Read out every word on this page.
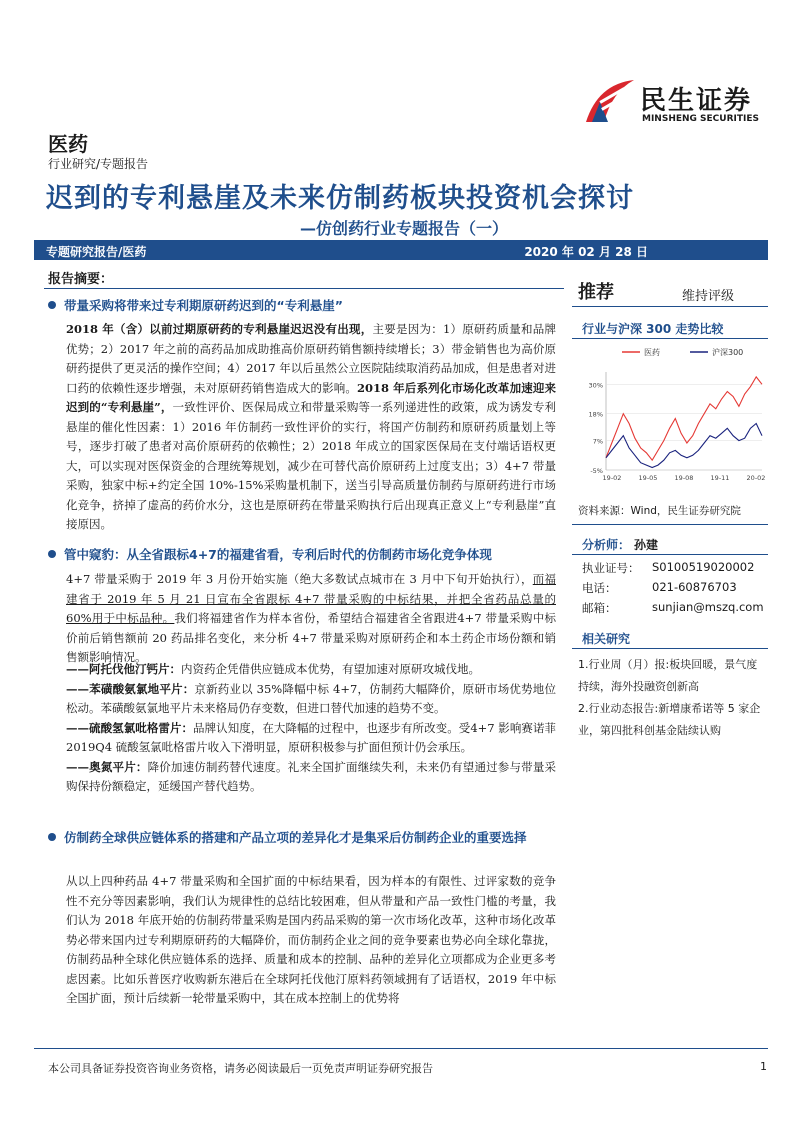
民生证券
MINSHENG SECURITIES
医药
行业研究/专题报告
迟到的专利悬崖及未来仿制药板块投资机会探讨
—仿创药行业专题报告（一）
专题研究报告/医药	2020 年 02 月 28 日
报告摘要：
带量采购将带来过专利期原研药迟到的“专利悬崖”
2018 年（含）以前过期原研药的专利悬崖迟迟没有出现，主要是因为：1）原研药质量和品牌优势；2）2017 年之前的高药品加成助推高价原研药销售额持续增长；3）带金销售也为高价原研药提供了更灵活的操作空间；4）2017 年以后虽然公立医院陆续取消药品加成，但是患者对进口药的依赖性逐步增强，未对原研药销售造成大的影响。2018 年后系列化市场化改革加速迎来迟到的“专利悬崖”，一致性评价、医保局成立和带量采购等一系列递进性的政策，成为诱发专利悬崖的催化性因素：1）2016 年仿制药一致性评价的实行，将国产仿制药和原研药质量划上等号，逐步打破了患者对高价原研药的依赖性；2）2018 年成立的国家医保局在支付端话语权更大，可以实现对医保资金的合理统筹规划，减少在可替代高价原研药上过度支出；3）4+7 带量采购，独家中标+约定全国 10%-15%采购量机制下，送当引导高质量仿制药与原研药进行市场化竞争，挤掉了虚高的药价水分，这也是原研药在带量采购执行后出现真正意义上“专利悬崖”直接原因。
管中窥豹：从全省跟标4+7的福建省看，专利后时代的仿制药市场化竞争体现
4+7 带量采购于 2019 年 3 月份开始实施（绝大多数试点城市在 3 月中下旬开始执行），而福建省于 2019 年 5 月 21 日宣布全省跟标 4+7 带量采购的中标结果，并把全省药品总量的 60%用于中标品种。我们将福建省作为样本省份，希望结合福建省全省跟进4+7 带量采购中标价前后销售额前 20 药品排名变化，来分析 4+7 带量采购对原研药企和本土药企市场份额和销售额影响情况。
——阿托伐他汀钙片：内资药企凭借供应链成本优势，有望加速对原研攻城伐地。
——苯磺酸氨氯地平片：京新药业以 35%降幅中标 4+7，仿制药大幅降价，原研市场优势地位松动。苯磺酸氨氯地平片未来格局仍存变数，但进口替代加速的趋势不变。
——硫酸氢氯吡格雷片：品牌认知度，在大降幅的过程中，也逐步有所改变。受4+7 影响赛诺菲 2019Q4 硫酸氢氯吡格雷片收入下滑明显，原研积极参与扩面但预计仍会承压。
——奥氮平片：降价加速仿制药替代速度。礼来全国扩面继续失利，未来仍有望通过参与带量采购保持份额稳定，延缓国产替代趋势。
仿制药全球供应链体系的搭建和产品立项的差异化才是集采后仿制药企业的重要选择
从以上四种药品 4+7 带量采购和全国扩面的中标结果看，因为样本的有限性、过评家数的竞争性不充分等因素影响，我们认为规律性的总结比较困难，但从带量和产品一致性门槛的考量，我们认为 2018 年底开始的仿制药带量采购是国内药品采购的第一次市场化改革，这种市场化改革势必带来国内过专利期原研药的大幅降价，而仿制药企业之间的竞争要素也势必向全球化靠拢，仿制药品种全球化供应链体系的选择、质量和成本的控制、品种的差异化立项都成为企业更多考虑因素。比如乐普医疗收购新东港后在全球阿托伐他汀原料药领域拥有了话语权，2019 年中标全国扩面，预计后续新一轮带量采购中，其在成本控制上的优势将
推荐	维持评级
行业与沪深 300 走势比较
医药	沪深300
30%
18%
7%
-5%
19-02	19-05	19-08	19-11	20-02
资料来源：Wind，民生证券研究院
分析师： 孙建
执业证号： S0100519020002
电话：	021-60876703
邮箱：	sunjian@mszq.com
相关研究
1.行业周（月）报:板块回暖，景气度持续，海外投融资创新高
2.行业动态报告:新增康希诺等 5 家企业，第四批科创基金陆续认购
本公司具备证券投资咨询业务资格，请务必阅读最后一页免责声明证券研究报告	1
